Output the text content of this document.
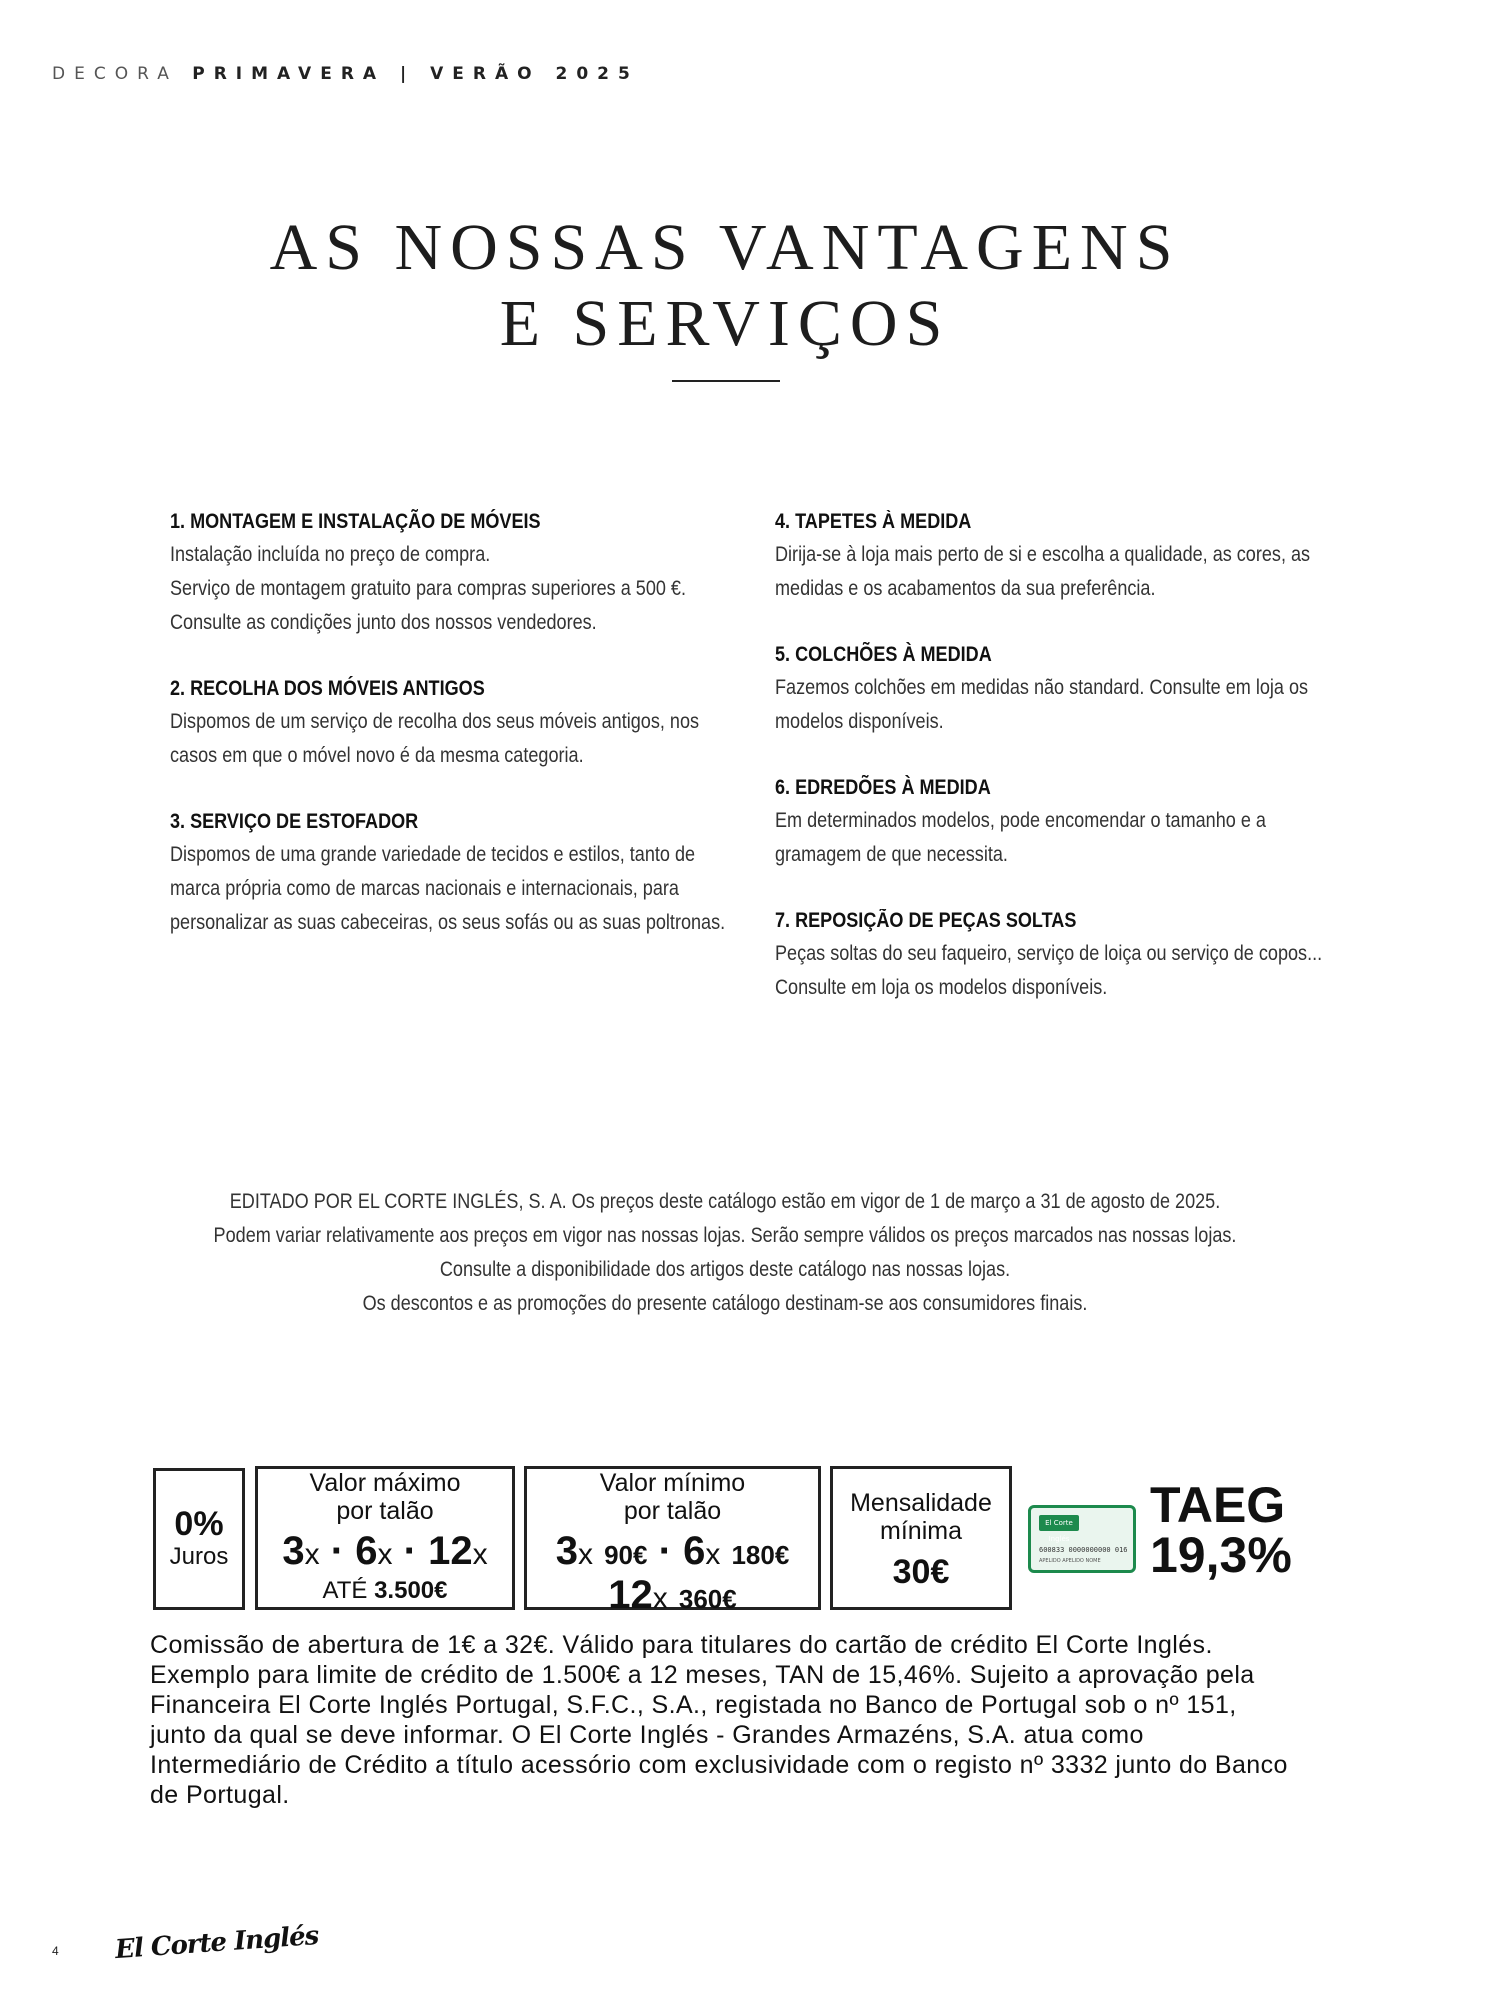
DECORA PRIMAVERA | VERÃO 2025
AS NOSSAS VANTAGENS
E SERVIÇOS
1. MONTAGEM E INSTALAÇÃO DE MÓVEIS
Instalação incluída no preço de compra.
Serviço de montagem gratuito para compras superiores a 500 €.
Consulte as condições junto dos nossos vendedores.
2. RECOLHA DOS MÓVEIS ANTIGOS
Dispomos de um serviço de recolha dos seus móveis antigos, nos
casos em que o móvel novo é da mesma categoria.
3. SERVIÇO DE ESTOFADOR
Dispomos de uma grande variedade de tecidos e estilos, tanto de
marca própria como de marcas nacionais e internacionais, para
personalizar as suas cabeceiras, os seus sofás ou as suas poltronas.
4. TAPETES À MEDIDA
Dirija-se à loja mais perto de si e escolha a qualidade, as cores, as
medidas e os acabamentos da sua preferência.
5. COLCHÕES À MEDIDA
Fazemos colchões em medidas não standard. Consulte em loja os
modelos disponíveis.
6. EDREDÕES À MEDIDA
Em determinados modelos, pode encomendar o tamanho e a
gramagem de que necessita.
7. REPOSIÇÃO DE PEÇAS SOLTAS
Peças soltas do seu faqueiro, serviço de loiça ou serviço de copos...
Consulte em loja os modelos disponíveis.
EDITADO POR EL CORTE INGLÉS, S. A. Os preços deste catálogo estão em vigor de 1 de março a 31 de agosto de 2025.
Podem variar relativamente aos preços em vigor nas nossas lojas. Serão sempre válidos os preços marcados nas nossas lojas.
Consulte a disponibilidade dos artigos deste catálogo nas nossas lojas.
Os descontos e as promoções do presente catálogo destinam-se aos consumidores finais.
0%
Juros
Valor máximo
por talão
3x · 6x · 12x
ATÉ 3.500€
Valor mínimo
por talão
3x 90€ · 6x 180€
12x 360€
Mensalidade
mínima
30€
El Corte Inglés
600833 0000000000 016
APELIDO APELIDO NOME
TAEG
19,3%
Comissão de abertura de 1€ a 32€. Válido para titulares do cartão de crédito El Corte Inglés. Exemplo para limite de crédito de 1.500€ a 12 meses, TAN de 15,46%. Sujeito a aprovação pela Financeira El Corte Inglés Portugal, S.F.C., S.A., registada no Banco de Portugal sob o nº 151, junto da qual se deve informar. O El Corte Inglés - Grandes Armazéns, S.A. atua como Intermediário de Crédito a título acessório com exclusividade com o registo nº 3332 junto do Banco de Portugal.
4 El Corte Inglés
